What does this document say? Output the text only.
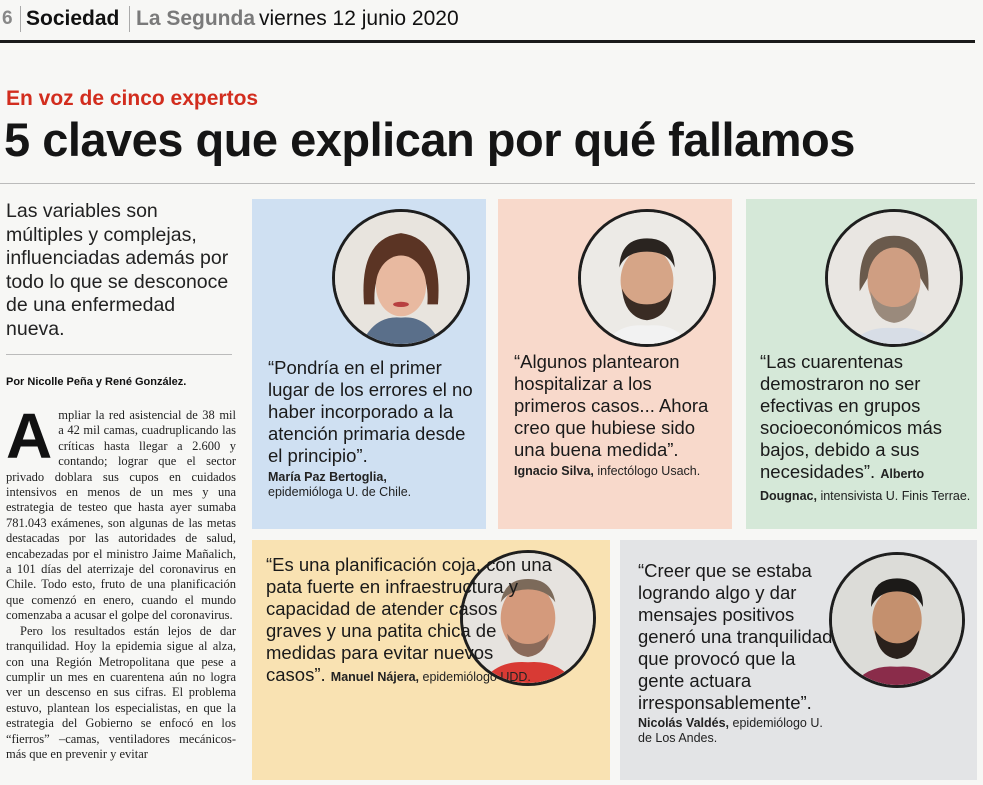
6 Sociedad La Segunda viernes 12 junio 2020
En voz de cinco expertos
5 claves que explican por qué fallamos
Las variables son múltiples y complejas, influenciadas además por todo lo que se desconoce de una enfermedad nueva.
Por Nicolle Peña y René González.

Ampliar la red asistencial de 38 mil a 42 mil camas, cuadruplicando las críticas hasta llegar a 2.600 y contando; lograr que el sector privado doblara sus cupos en cuidados intensivos en menos de un mes y una estrategia de testeo que hasta ayer sumaba 781.043 exámenes, son algunas de las metas destacadas por las autoridades de salud, encabezadas por el ministro Jaime Mañalich, a 101 días del aterrizaje del coronavirus en Chile. Todo esto, fruto de una planificación que comenzó en enero, cuando el mundo comenzaba a acusar el golpe del coronavirus.

Pero los resultados están lejos de dar tranquilidad. Hoy la epidemia sigue al alza, con una Región Metropolitana que pese a cumplir un mes en cuarentena aún no logra ver un descenso en sus cifras. El problema estuvo, plantean los especialistas, en que la estrategia del Gobierno se enfocó en los “fierros” –camas, ventiladores mecánicos- más que en prevenir y evitar

“Pondría en el primer lugar de los errores el no haber incorporado a la atención primaria desde el principio”.
María Paz Bertoglia,
epidemióloga U. de Chile.
“Algunos plantearon hospitalizar a los primeros casos... Ahora creo que hubiese sido una buena medida”.
Ignacio Silva, infectólogo Usach.
“Las cuarentenas demostraron no ser efectivas en grupos socioeconómicos más bajos, debido a sus necesidades”. Alberto Dougnac, intensivista U. Finis Terrae.
“Es una planificación coja, con una pata fuerte en infraestructura y capacidad de atender casos graves y una patita chica de medidas para evitar nuevos casos”. Manuel Nájera, epidemiólogo UDD.
“Creer que se estaba logrando algo y dar mensajes positivos generó una tranquilidad que provocó que la gente actuara irresponsablemente”.
Nicolás Valdés, epidemiólogo U. de Los Andes.
